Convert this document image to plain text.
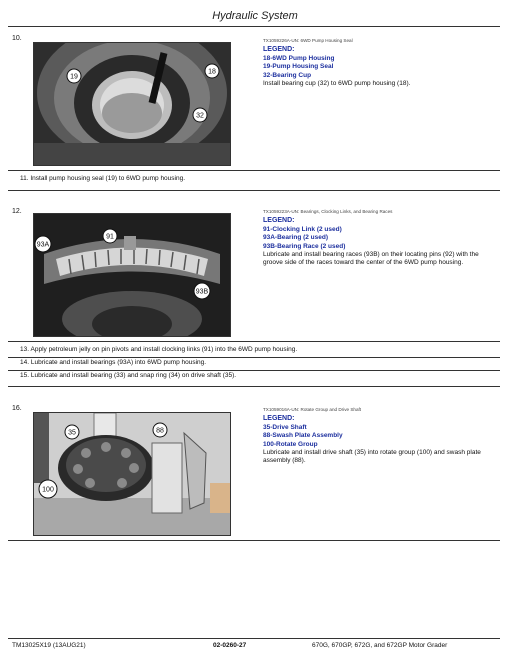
Hydraulic System
10.
19
18
32
TX1059226A-UN: 6WD Pump Housing Seal
LEGEND:
18-6WD Pump Housing
19-Pump Housing Seal
32-Bearing Cup
Install bearing cup (32) to 6WD pump housing (18).
11. Install pump housing seal (19) to 6WD pump housing.
12.
91
93A
93B
TX1059223A-UN: Bearings, Clocking Links, and Bearing Races
LEGEND:
91-Clocking Link (2 used)
93A-Bearing (2 used)
93B-Bearing Race (2 used)
Lubricate and install bearing races (93B) on their locating pins (92) with the groove side of the races toward the center of the 6WD pump housing.
13. Apply petroleum jelly on pin pivots and install clocking links (91) into the 6WD pump housing.
14. Lubricate and install bearings (93A) into 6WD pump housing.
15. Lubricate and install bearing (33) and snap ring (34) on drive shaft (35).
16.
35	88
100
TX1059016A-UN: Rotate Group and Drive Shaft
LEGEND:
35-Drive Shaft
88-Swash Plate Assembly
100-Rotate Group
Lubricate and install drive shaft (35) into rotate group (100) and swash plate assembly (88).
TM13025X19 (13AUG21)	02-0260-27	670G, 670GP, 672G, and 672GP Motor Grader
